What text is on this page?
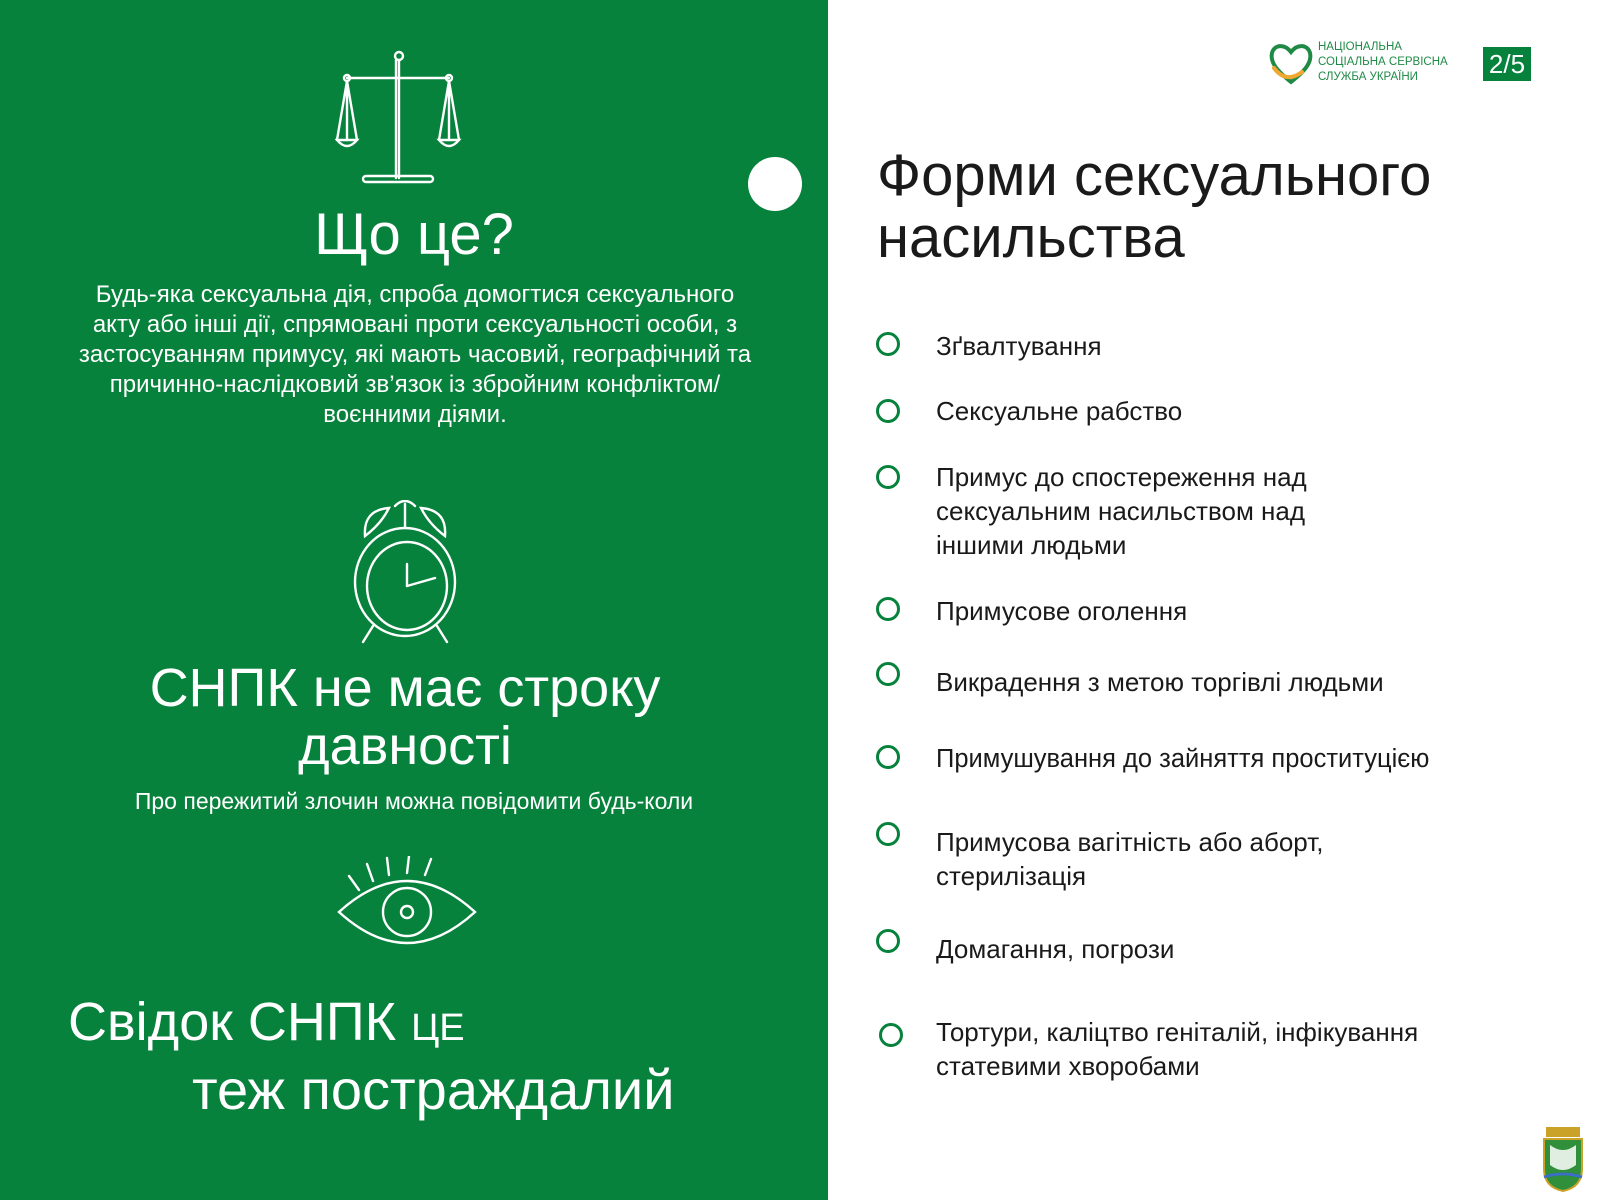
Що це?

Будь-яка сексуальна дія, спроба домогтися сексуального акту або інші дії, спрямовані проти сексуальності особи, з застосуванням примусу, які мають часовий, географічний та причинно-наслідковий зв’язок із збройним конфліктом/ воєнними діями.

СНПК не має строку
давності

Про пережитий злочин можна повідомити будь-коли

Свідок СНПК ЦЕ
теж постраждалий
НАЦІОНАЛЬНА
СОЦІАЛЬНА СЕРВІСНА
СЛУЖБА УКРАЇНИ	2/5
Форми сексуального
насильства
Зґвалтування
Сексуальне рабство
Примус до спостереження над сексуальним насильством над іншими людьми
Примусове оголення
Викрадення з метою торгівлі людьми
Примушування до зайняття проституцією
Примусова вагітність або аборт, стерилізація
Домагання, погрози
Тортури, каліцтво геніталій, інфікування статевими хворобами
